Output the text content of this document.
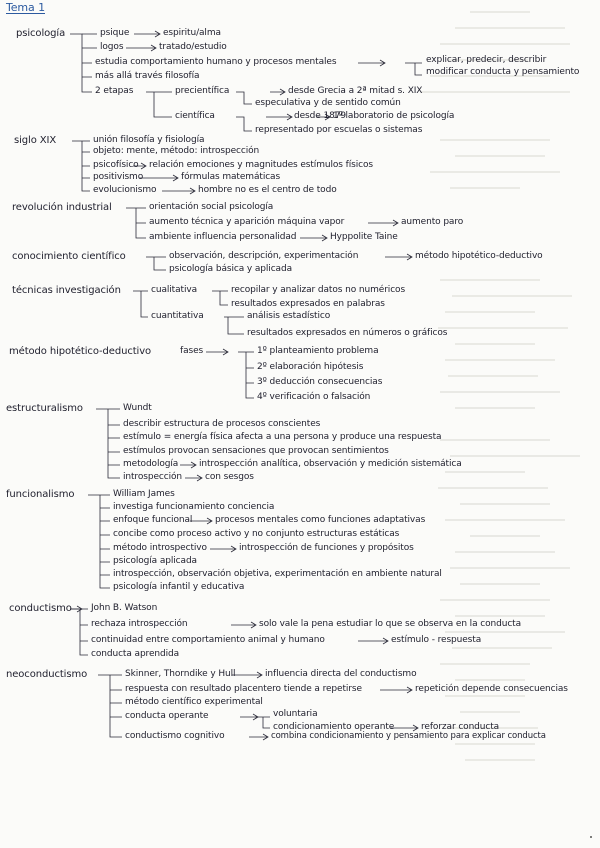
Tema 1
psicología	psique	espiritu/alma
logos	tratado/estudio
estudia comportamiento humano y procesos mentales	explicar, predecir, describir
modificar conducta y pensamiento
más allá través filosofía
2 etapas	precientífica	desde Grecia a 2ª mitad s. XIX
especulativa y de sentido común
científica	desde 1879
1º laboratorio de psicología
representado por escuelas o sistemas
siglo XIX	unión filosofía y fisiología
objeto: mente, método: introspección
psicofísico relación emociones y magnitudes estímulos físicos
positivismo	fórmulas matemáticas
evolucionismo	hombre no es el centro de todo
revolución industrial	orientación social psicología
aumento técnica y aparición máquina vapor	aumento paro
ambiente influencia personalidad	Hyppolite Taine
conocimiento científico	observación, descripción, experimentación	método hipotético-deductivo
psicología básica y aplicada
técnicas investigación	cualitativa	recopilar y analizar datos no numéricos
resultados expresados en palabras
cuantitativa	análisis estadístico
resultados expresados en números o gráficos
método hipotético-deductivo	fases	1º planteamiento problema
2º elaboración hipótesis
3º deducción consecuencias
4º verificación o falsación
estructuralismo	Wundt
describir estructura de procesos conscientes
estímulo = energía física afecta a una persona y produce una respuesta
estímulos provocan sensaciones que provocan sentimientos
metodología introspección analítica, observación y medición sistemática
introspección	con sesgos
funcionalismo	William James
investiga funcionamiento conciencia
enfoque funcional	procesos mentales como funciones adaptativas
concibe como proceso activo y no conjunto estructuras estáticas
método introspectivo	introspección de funciones y propósitos
psicología aplicada
introspección, observación objetiva, experimentación en ambiente natural
psicología infantil y educativa
conductismo John B. Watson
rechaza introspección	solo vale la pena estudiar lo que se observa en la conducta
continuidad entre comportamiento animal y humano	estímulo - respuesta
conducta aprendida
neoconductismo	Skinner, Thorndike y Hull	influencia directa del conductismo
respuesta con resultado placentero tiende a repetirse	repetición depende consecuencias
método científico experimental
conducta operante	voluntaria
condicionamiento operante	reforzar conducta
conductismo cognitivo	combina condicionamiento y pensamiento para explicar conducta
